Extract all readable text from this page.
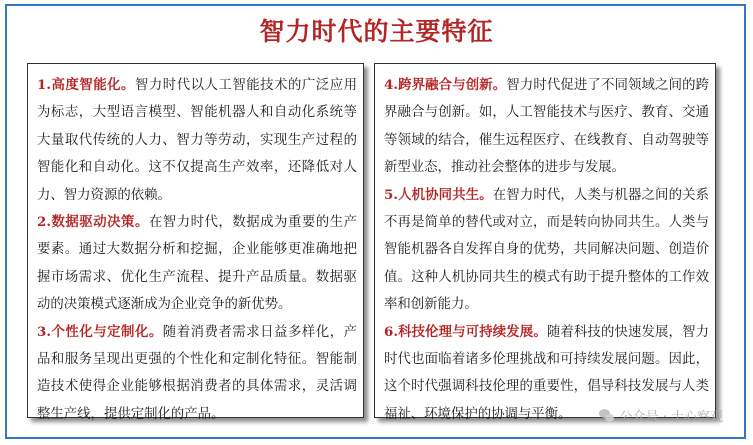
智力时代的主要特征

1.高度智能化。智力时代以人工智能技术的广泛应用为标志，大型语言模型、智能机器人和自动化系统等大量取代传统的人力、智力等劳动，实现生产过程的智能化和自动化。这不仅提高生产效率，还降低对人力、智力资源的依赖。

2.数据驱动决策。在智力时代，数据成为重要的生产要素。通过大数据分析和挖掘，企业能够更准确地把握市场需求、优化生产流程、提升产品质量。数据驱动的决策模式逐渐成为企业竞争的新优势。

3.个性化与定制化。随着消费者需求日益多样化，产品和服务呈现出更强的个性化和定制化特征。智能制造技术使得企业能够根据消费者的具体需求，灵活调整生产线，提供定制化的产品。

4.跨界融合与创新。智力时代促进了不同领域之间的跨界融合与创新。如，人工智能技术与医疗、教育、交通等领域的结合，催生远程医疗、在线教育、自动驾驶等新型业态，推动社会整体的进步与发展。

5.人机协同共生。在智力时代，人类与机器之间的关系不再是简单的替代或对立，而是转向协同共生。人类与智能机器各自发挥自身的优势，共同解决问题、创造价值。这种人机协同共生的模式有助于提升整体的工作效率和创新能力。

6.科技伦理与可持续发展。随着科技的快速发展，智力时代也面临着诸多伦理挑战和可持续发展问题。因此，这个时代强调科技伦理的重要性，倡导科技发展与人类福祉、环境保护的协调与平衡。	公众号 · 十心察观
